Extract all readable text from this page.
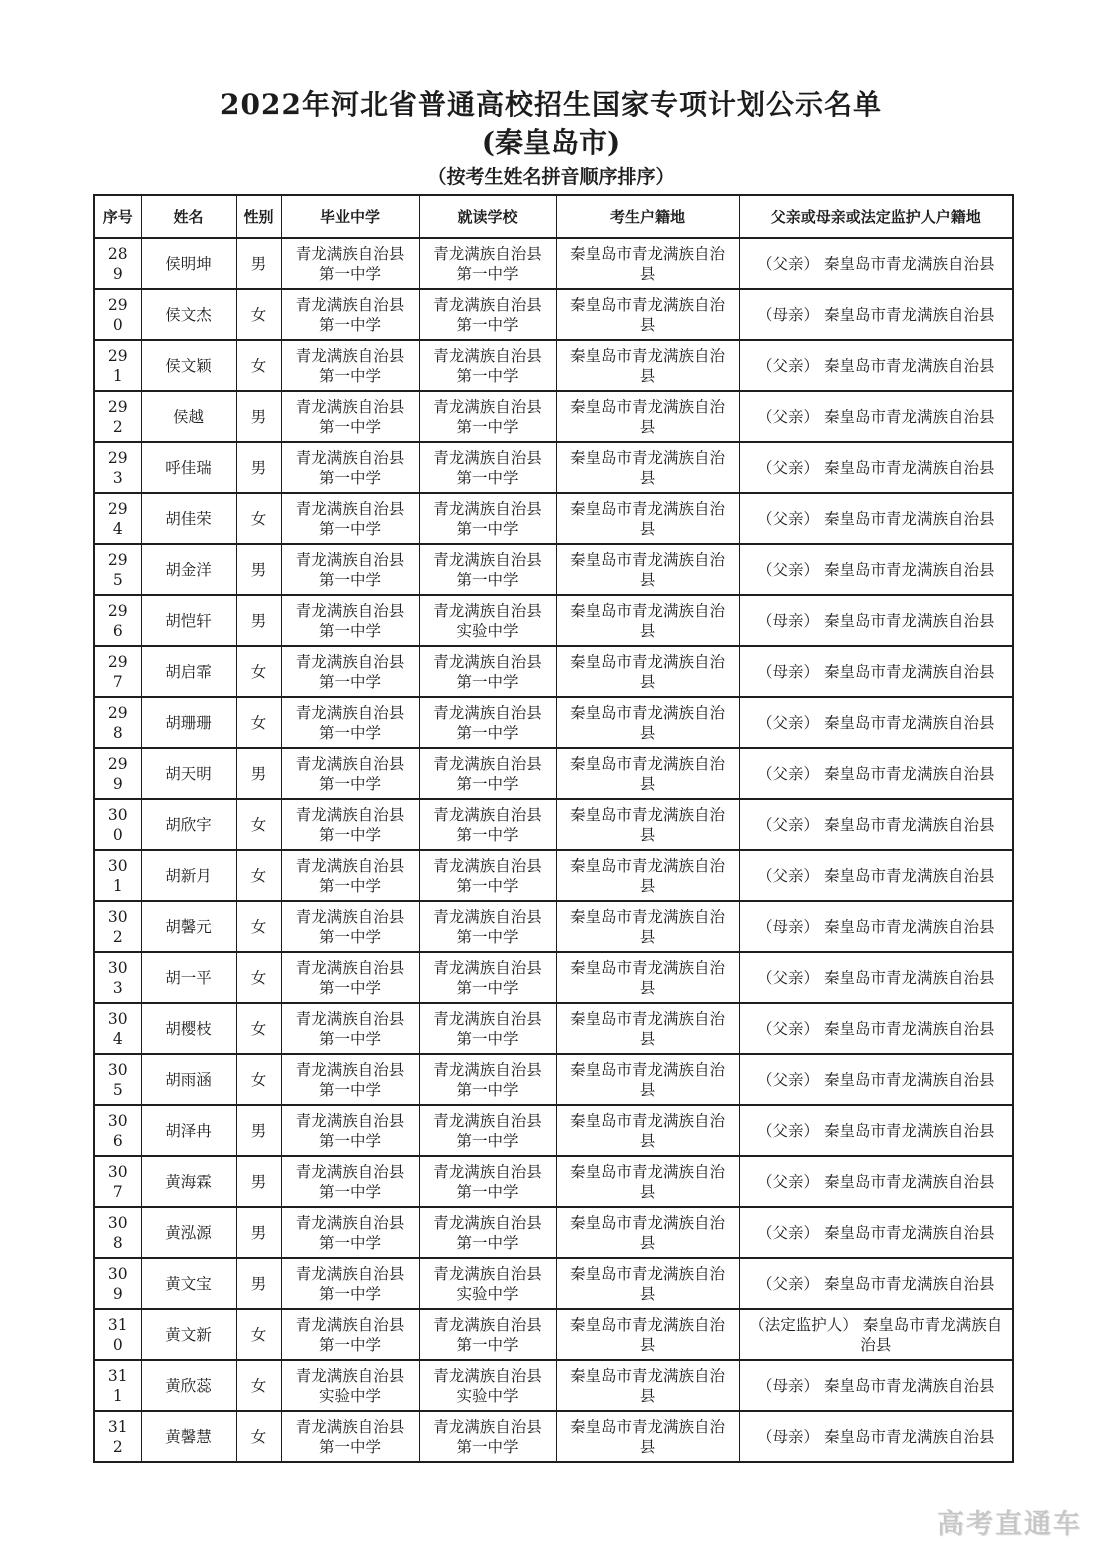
2022年河北省普通高校招生国家专项计划公示名单
(秦皇岛市)
（按考生姓名拼音顺序排序）
序号	姓名	性别	毕业中学	就读学校	考生户籍地	父亲或母亲或法定监护人户籍地
289	侯明坤	男	青龙满族自治县第一中学	青龙满族自治县第一中学	秦皇岛市青龙满族自治县	（父亲） 秦皇岛市青龙满族自治县
290	侯文杰	女	青龙满族自治县第一中学	青龙满族自治县第一中学	秦皇岛市青龙满族自治县	（母亲） 秦皇岛市青龙满族自治县
291	侯文颖	女	青龙满族自治县第一中学	青龙满族自治县第一中学	秦皇岛市青龙满族自治县	（父亲） 秦皇岛市青龙满族自治县
292	侯越	男	青龙满族自治县第一中学	青龙满族自治县第一中学	秦皇岛市青龙满族自治县	（父亲） 秦皇岛市青龙满族自治县
293	呼佳瑞	男	青龙满族自治县第一中学	青龙满族自治县第一中学	秦皇岛市青龙满族自治县	（父亲） 秦皇岛市青龙满族自治县
294	胡佳荣	女	青龙满族自治县第一中学	青龙满族自治县第一中学	秦皇岛市青龙满族自治县	（父亲） 秦皇岛市青龙满族自治县
295	胡金洋	男	青龙满族自治县第一中学	青龙满族自治县第一中学	秦皇岛市青龙满族自治县	（父亲） 秦皇岛市青龙满族自治县
296	胡恺轩	男	青龙满族自治县第一中学	青龙满族自治县实验中学	秦皇岛市青龙满族自治县	（母亲） 秦皇岛市青龙满族自治县
297	胡启霏	女	青龙满族自治县第一中学	青龙满族自治县第一中学	秦皇岛市青龙满族自治县	（母亲） 秦皇岛市青龙满族自治县
298	胡珊珊	女	青龙满族自治县第一中学	青龙满族自治县第一中学	秦皇岛市青龙满族自治县	（父亲） 秦皇岛市青龙满族自治县
299	胡天明	男	青龙满族自治县第一中学	青龙满族自治县第一中学	秦皇岛市青龙满族自治县	（父亲） 秦皇岛市青龙满族自治县
300	胡欣宇	女	青龙满族自治县第一中学	青龙满族自治县第一中学	秦皇岛市青龙满族自治县	（父亲） 秦皇岛市青龙满族自治县
301	胡新月	女	青龙满族自治县第一中学	青龙满族自治县第一中学	秦皇岛市青龙满族自治县	（父亲） 秦皇岛市青龙满族自治县
302	胡馨元	女	青龙满族自治县第一中学	青龙满族自治县第一中学	秦皇岛市青龙满族自治县	（母亲） 秦皇岛市青龙满族自治县
303	胡一平	女	青龙满族自治县第一中学	青龙满族自治县第一中学	秦皇岛市青龙满族自治县	（父亲） 秦皇岛市青龙满族自治县
304	胡樱枝	女	青龙满族自治县第一中学	青龙满族自治县第一中学	秦皇岛市青龙满族自治县	（父亲） 秦皇岛市青龙满族自治县
305	胡雨涵	女	青龙满族自治县第一中学	青龙满族自治县第一中学	秦皇岛市青龙满族自治县	（父亲） 秦皇岛市青龙满族自治县
306	胡泽冉	男	青龙满族自治县第一中学	青龙满族自治县第一中学	秦皇岛市青龙满族自治县	（父亲） 秦皇岛市青龙满族自治县
307	黄海霖	男	青龙满族自治县第一中学	青龙满族自治县第一中学	秦皇岛市青龙满族自治县	（父亲） 秦皇岛市青龙满族自治县
308	黄泓源	男	青龙满族自治县第一中学	青龙满族自治县第一中学	秦皇岛市青龙满族自治县	（父亲） 秦皇岛市青龙满族自治县
309	黄文宝	男	青龙满族自治县第一中学	青龙满族自治县实验中学	秦皇岛市青龙满族自治县	（父亲） 秦皇岛市青龙满族自治县
310	黄文新	女	青龙满族自治县第一中学	青龙满族自治县第一中学	秦皇岛市青龙满族自治县	（法定监护人） 秦皇岛市青龙满族自治县
311	黄欣蕊	女	青龙满族自治县实验中学	青龙满族自治县实验中学	秦皇岛市青龙满族自治县	（母亲） 秦皇岛市青龙满族自治县
312	黄馨慧	女	青龙满族自治县第一中学	青龙满族自治县第一中学	秦皇岛市青龙满族自治县	（母亲） 秦皇岛市青龙满族自治县
高考直通车
